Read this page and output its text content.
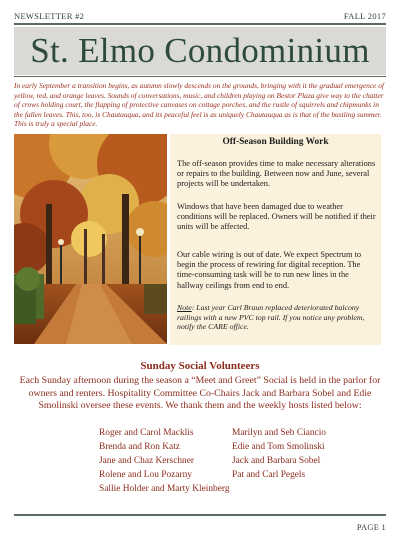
NEWSLETTER #2	FALL 2017
St. Elmo Condominium
In early September a transition begins, as autumn slowly descends on the grounds, bringing with it the gradual emergence of yellow, red, and orange leaves. Sounds of conversations, music, and children playing on Bestor Plaza give way to the chatter of crows holding court, the flapping of protective canvases on cottage porches, and the rustle of squirrels and chipmunks in the fallen leaves. This, too, is Chautauqua, and its peaceful feel is as uniquely Chautauqua as is that of the bustling summer. This is truly a special place.
Off-Season Building Work

The off-season provides time to make necessary alterations or repairs to the building. Between now and June, several projects will be undertaken.

Windows that have been damaged due to weather conditions will be replaced. Owners will be notified if their units will be affected.

Our cable wiring is out of date. We expect Spectrum to begin the process of rewiring for digital reception. The time-consuming task will be to run new lines in the hallway ceilings from end to end.

Note: Last year Carl Braun replaced deteriorated balcony railings with a new PVC top rail. If you notice any problem, notify the CARE office.

Sunday Social Volunteers
Each Sunday afternoon during the season a “Meet and Greet” Social is held in the parlor for owners and renters. Hospitality Committee Co-Chairs Jack and Barbara Sobel and Edie Smolinski oversee these events. We thank them and the weekly hosts listed below:
Roger and Carol Macklis
Brenda and Ron Katz
Jane and Chaz Kerschner
Rolene and Lou Pozarny
Sallie Holder and Marty Kleinberg
Marilyn and Seb Ciancio
Edie and Tom Smolinski
Jack and Barbara Sobel
Pat and Carl Pegels
PAGE 1
